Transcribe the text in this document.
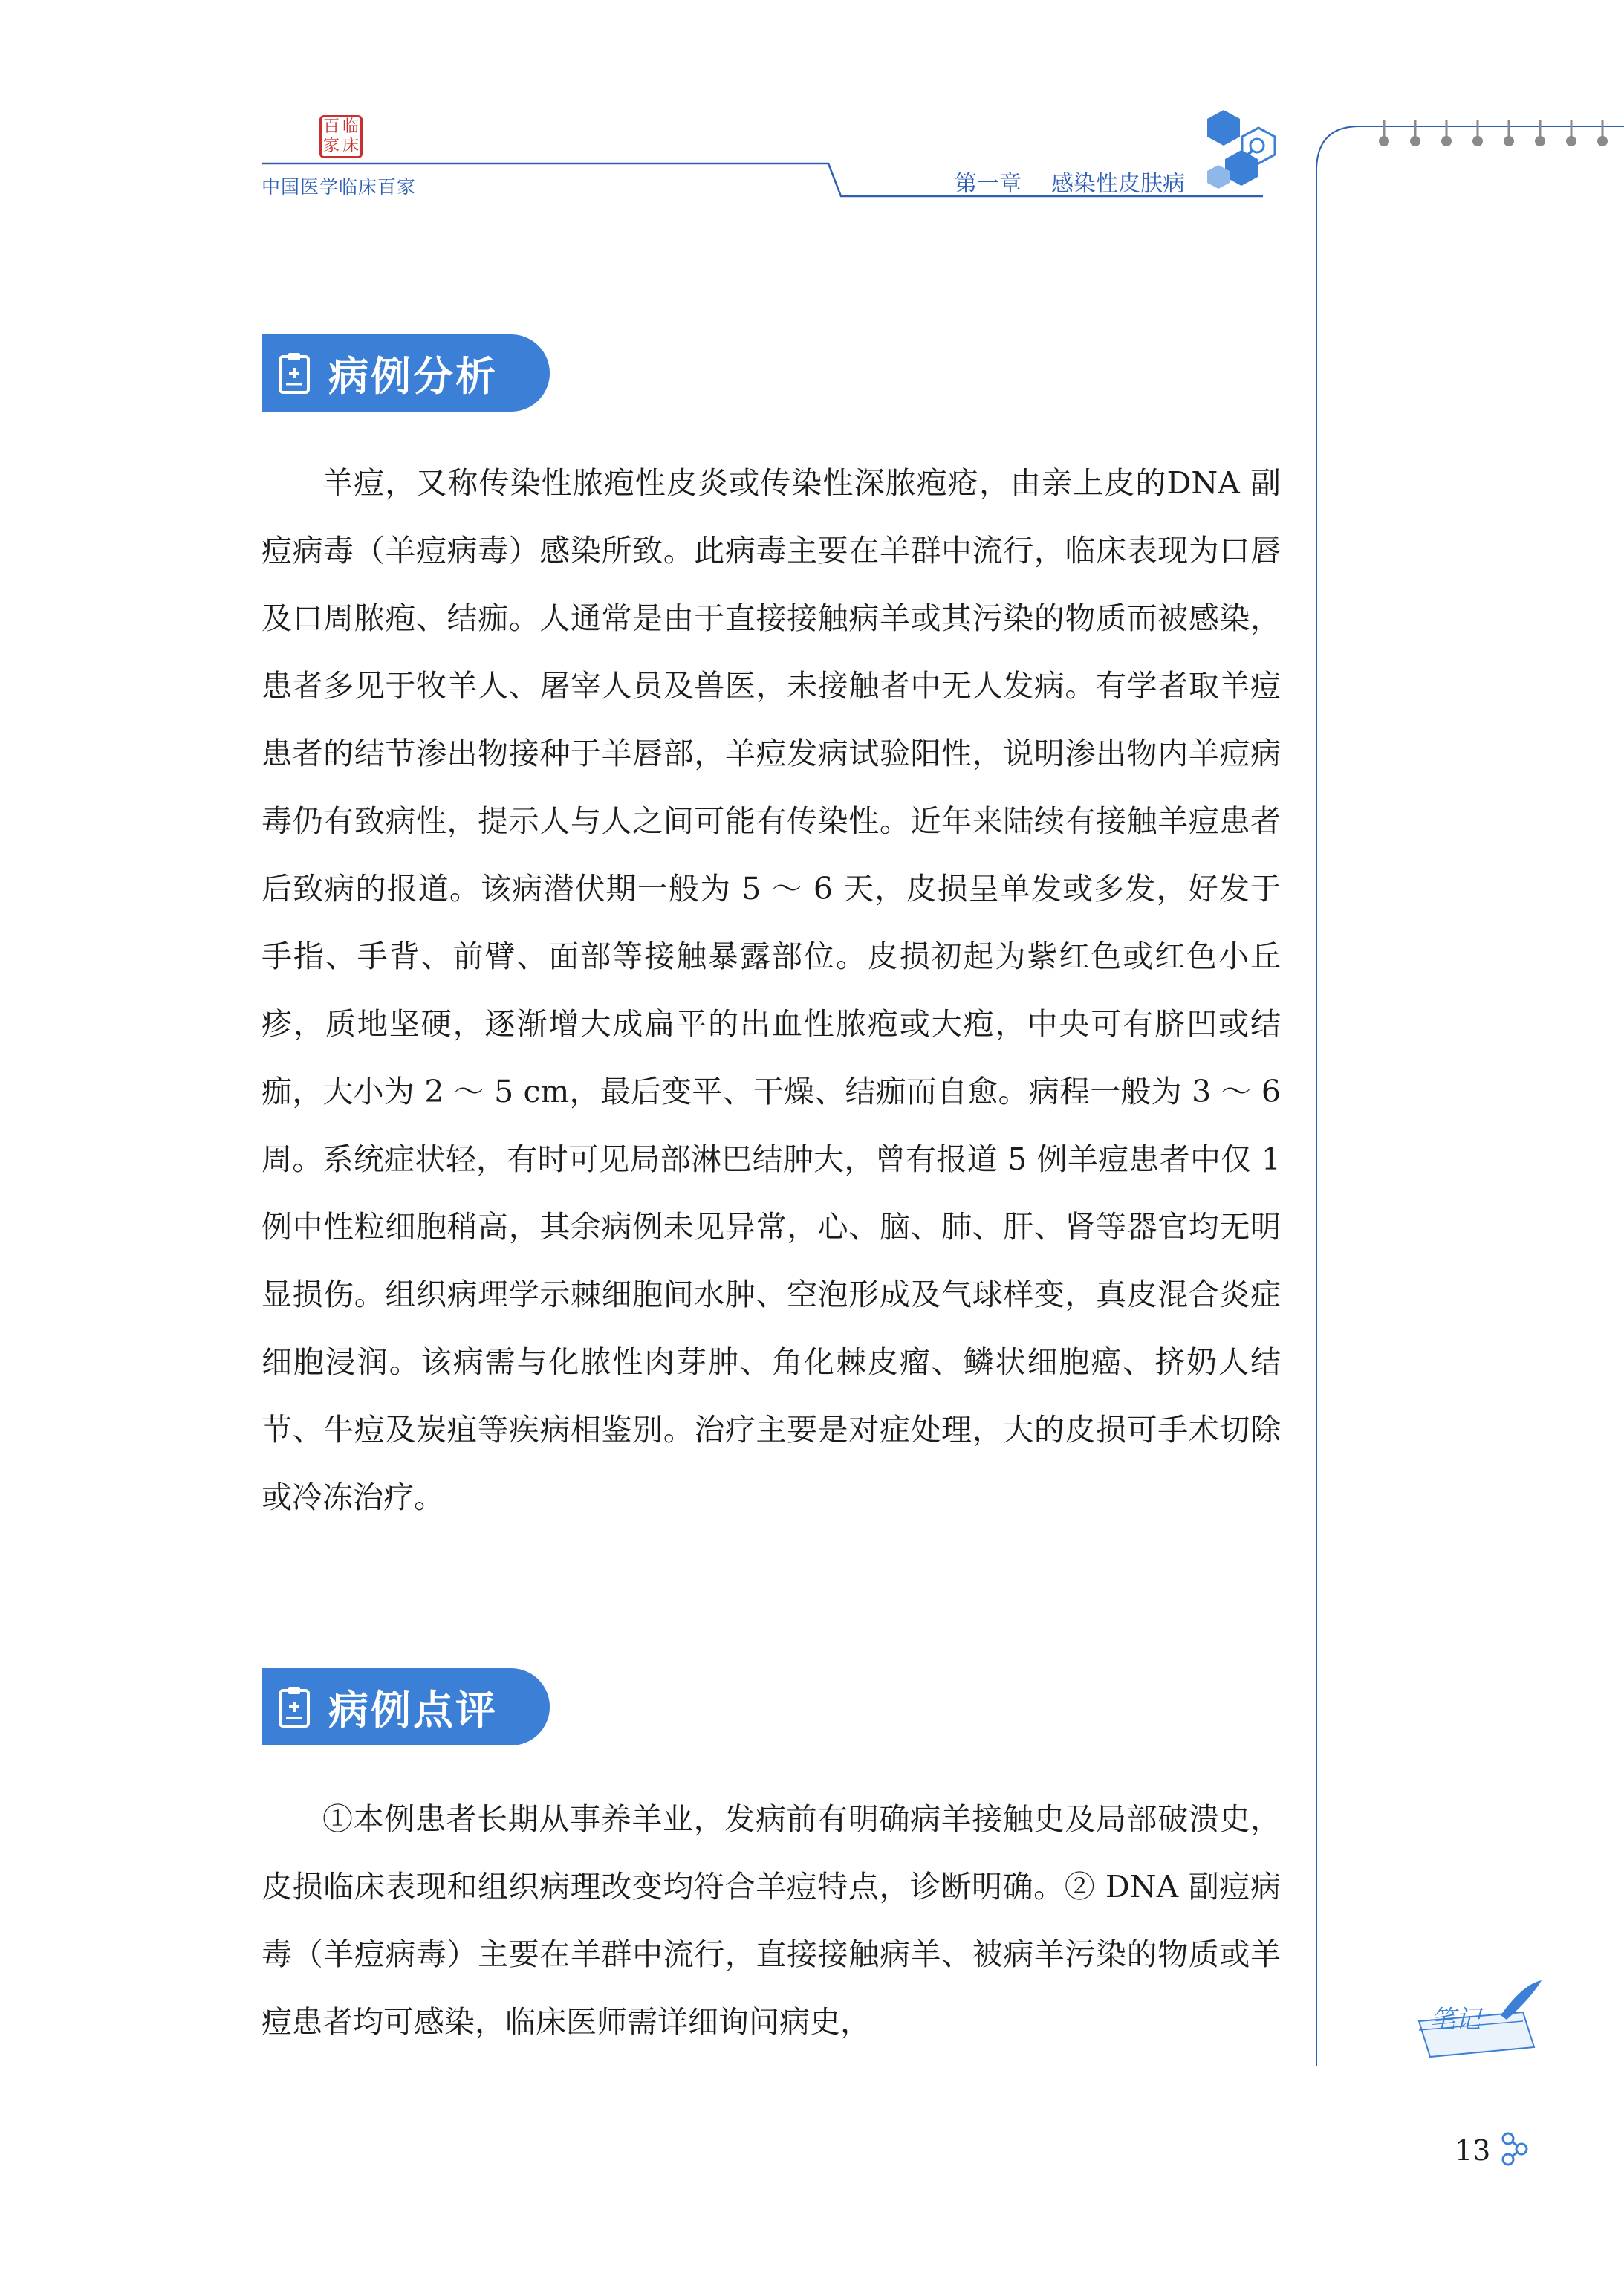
百 临
家 床
中国医学临床百家	第一章 感染性皮肤病
病例分析

羊痘，又称传染性脓疱性皮炎或传染性深脓疱疮，由亲上皮的DNA 副痘病毒（羊痘病毒）感染所致。此病毒主要在羊群中流行，临床表现为口唇及口周脓疱、结痂。人通常是由于直接接触病羊或其污染的物质而被感染，患者多见于牧羊人、屠宰人员及兽医，未接触者中无人发病。有学者取羊痘患者的结节渗出物接种于羊唇部，羊痘发病试验阳性，说明渗出物内羊痘病毒仍有致病性，提示人与人之间可能有传染性。近年来陆续有接触羊痘患者后致病的报道。该病潜伏期一般为 5 ～ 6 天，皮损呈单发或多发，好发于手指、手背、前臂、面部等接触暴露部位。皮损初起为紫红色或红色小丘疹，质地坚硬，逐渐增大成扁平的出血性脓疱或大疱，中央可有脐凹或结痂，大小为 2 ～ 5 cm，最后变平、干燥、结痂而自愈。病程一般为 3 ～ 6 周。系统症状轻，有时可见局部淋巴结肿大，曾有报道 5 例羊痘患者中仅 1 例中性粒细胞稍高，其余病例未见异常，心、脑、肺、肝、肾等器官均无明显损伤。组织病理学示棘细胞间水肿、空泡形成及气球样变，真皮混合炎症细胞浸润。该病需与化脓性肉芽肿、角化棘皮瘤、鳞状细胞癌、挤奶人结节、牛痘及炭疽等疾病相鉴别。治疗主要是对症处理，大的皮损可手术切除或冷冻治疗。

病例点评

①本例患者长期从事养羊业，发病前有明确病羊接触史及局部破溃史，皮损临床表现和组织病理改变均符合羊痘特点，诊断明确。② DNA 副痘病毒（羊痘病毒）主要在羊群中流行，直接接触病羊、被病羊污染的物质或羊痘患者均可感染，临床医师需详细询问病史，	笔记
13
